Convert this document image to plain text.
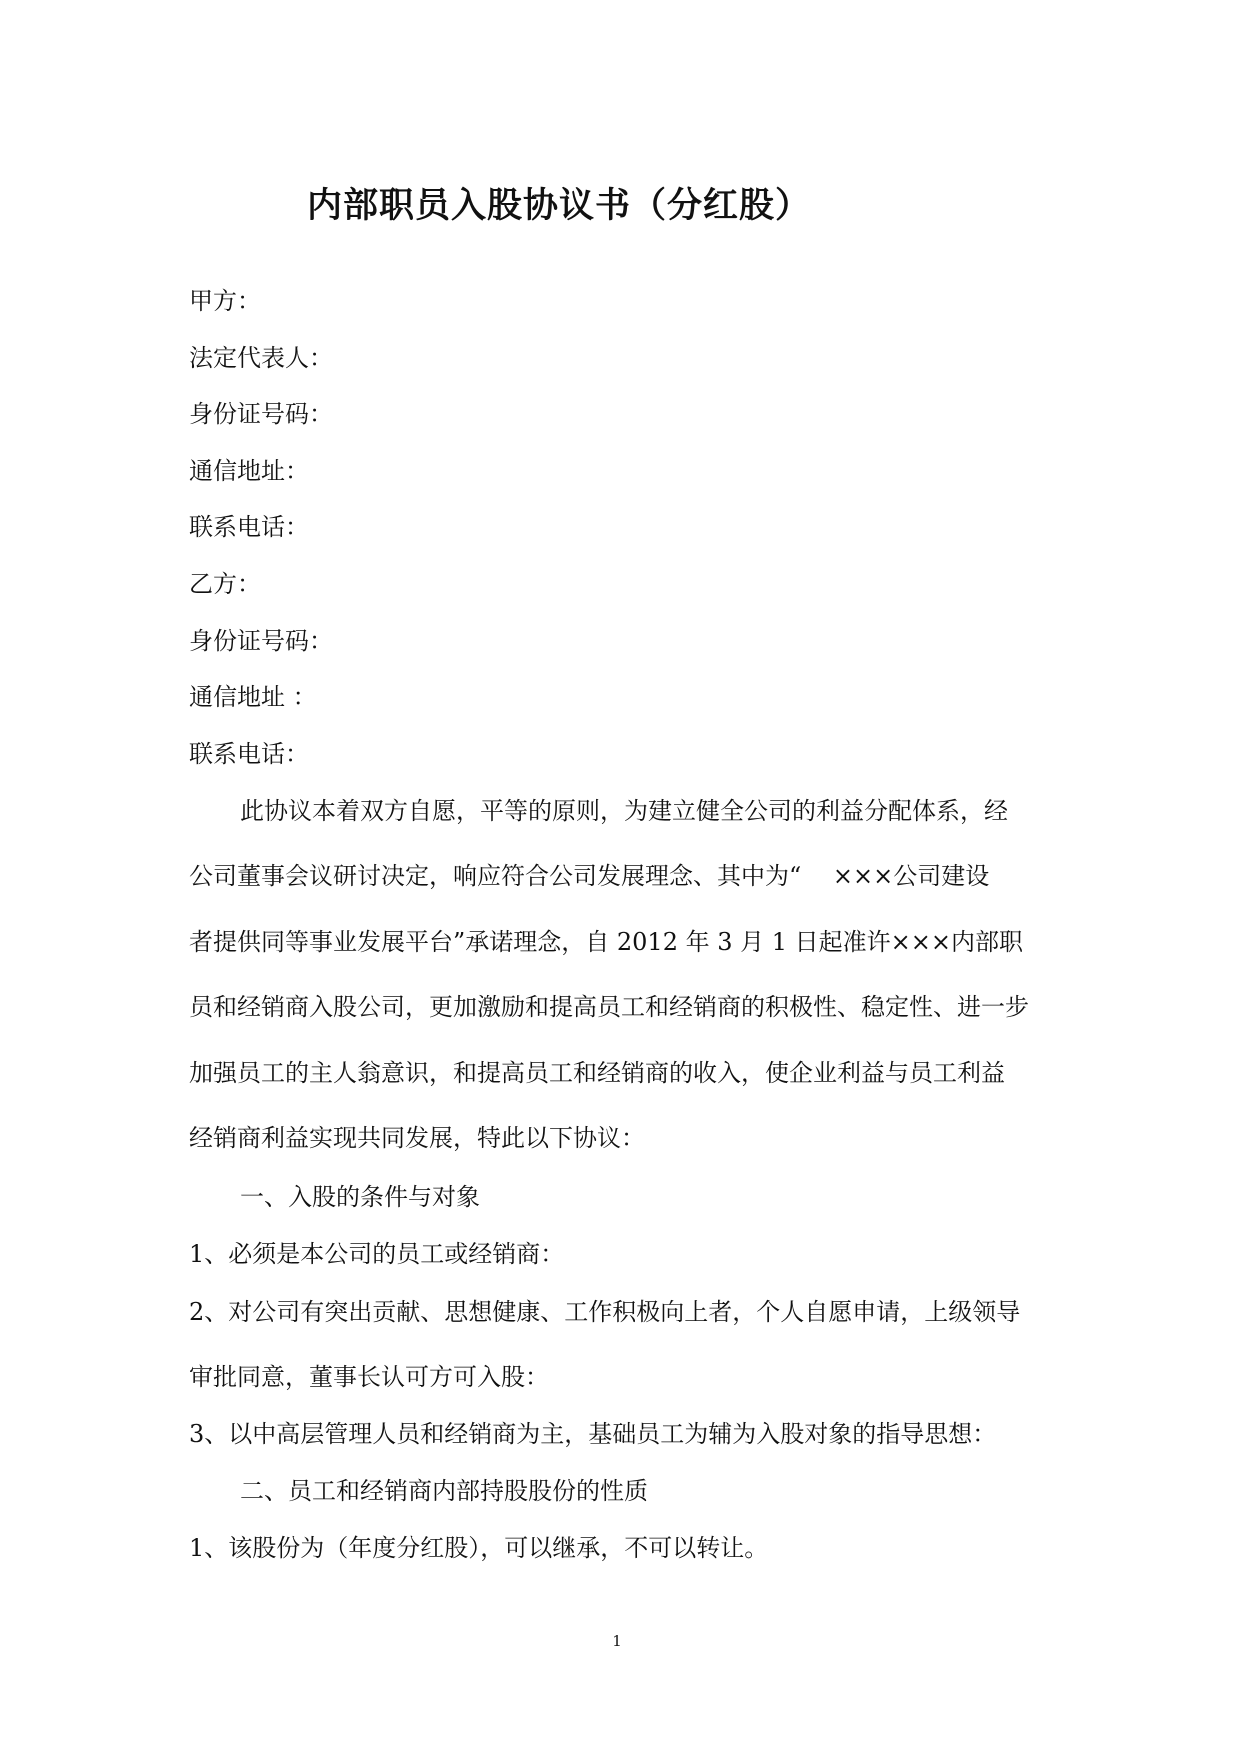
内部职员入股协议书（分红股）

甲方：

法定代表人：

身份证号码：

通信地址：

联系电话：

乙方：

身份证号码：

通信地址 ：

联系电话：

此协议本着双方自愿，平等的原则，为建立健全公司的利益分配体系，经

公司董事会议研讨决定，响应符合公司发展理念、其中为“　 ×××公司建设

者提供同等事业发展平台”承诺理念，自 2012 年 3 月 1 日起准许×××内部职

员和经销商入股公司，更加激励和提高员工和经销商的积极性、稳定性、进一步

加强员工的主人翁意识，和提高员工和经销商的收入，使企业利益与员工利益

经销商利益实现共同发展，特此以下协议：

一、入股的条件与对象

1、必须是本公司的员工或经销商：

2、对公司有突出贡献、思想健康、工作积极向上者，个人自愿申请，上级领导

审批同意，董事长认可方可入股：

3、以中高层管理人员和经销商为主，基础员工为辅为入股对象的指导思想：

二、员工和经销商内部持股股份的性质

1、该股份为（年度分红股），可以继承，不可以转让。

1
